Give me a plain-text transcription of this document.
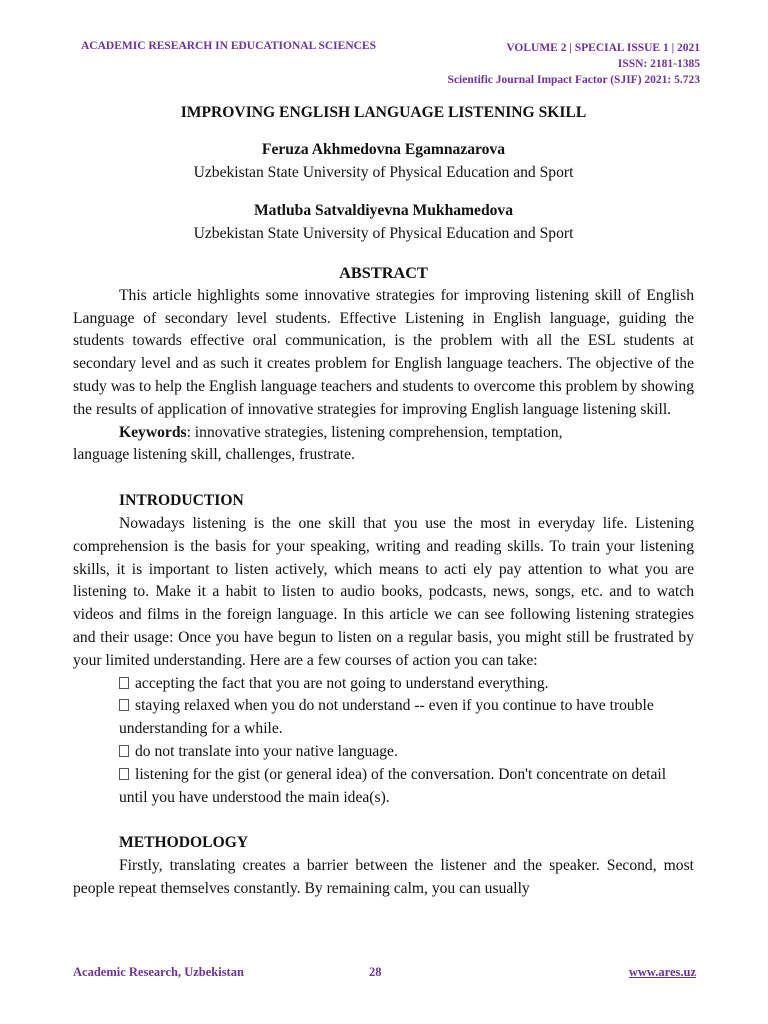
ACADEMIC RESEARCH IN EDUCATIONAL SCIENCES	VOLUME 2 | SPECIAL ISSUE 1 | 2021
ISSN: 2181-1385
Scientific Journal Impact Factor (SJIF) 2021: 5.723

IMPROVING ENGLISH LANGUAGE LISTENING SKILL

Feruza Akhmedovna Egamnazarova

Uzbekistan State University of Physical Education and Sport

Matluba Satvaldiyevna Mukhamedova

Uzbekistan State University of Physical Education and Sport

ABSTRACT

This article highlights some innovative strategies for improving listening skill of English Language of secondary level students. Effective Listening in English language, guiding the students towards effective oral communication, is the problem with all the ESL students at secondary level and as such it creates problem for English language teachers. The objective of the study was to help the English language teachers and students to overcome this problem by showing the results of application of innovative strategies for improving English language listening skill.

Keywords: innovative strategies, listening comprehension, temptation,

language listening skill, challenges, frustrate.

INTRODUCTION

Nowadays listening is the one skill that you use the most in everyday life. Listening comprehension is the basis for your speaking, writing and reading skills. To train your listening skills, it is important to listen actively, which means to acti ely pay attention to what you are listening to. Make it a habit to listen to audio books, podcasts, news, songs, etc. and to watch videos and films in the foreign language. In this article we can see following listening strategies and their usage: Once you have begun to listen on a regular basis, you might still be frustrated by your limited understanding. Here are a few courses of action you can take:

accepting the fact that you are not going to understand everything.
staying relaxed when you do not understand -- even if you continue to have trouble understanding for a while.
do not translate into your native language.
listening for the gist (or general idea) of the conversation. Don't concentrate on detail until you have understood the main idea(s).

METHODOLOGY

Firstly, translating creates a barrier between the listener and the speaker. Second, most people repeat themselves constantly. By remaining calm, you can usually

Academic Research, Uzbekistan	28	www.ares.uz
